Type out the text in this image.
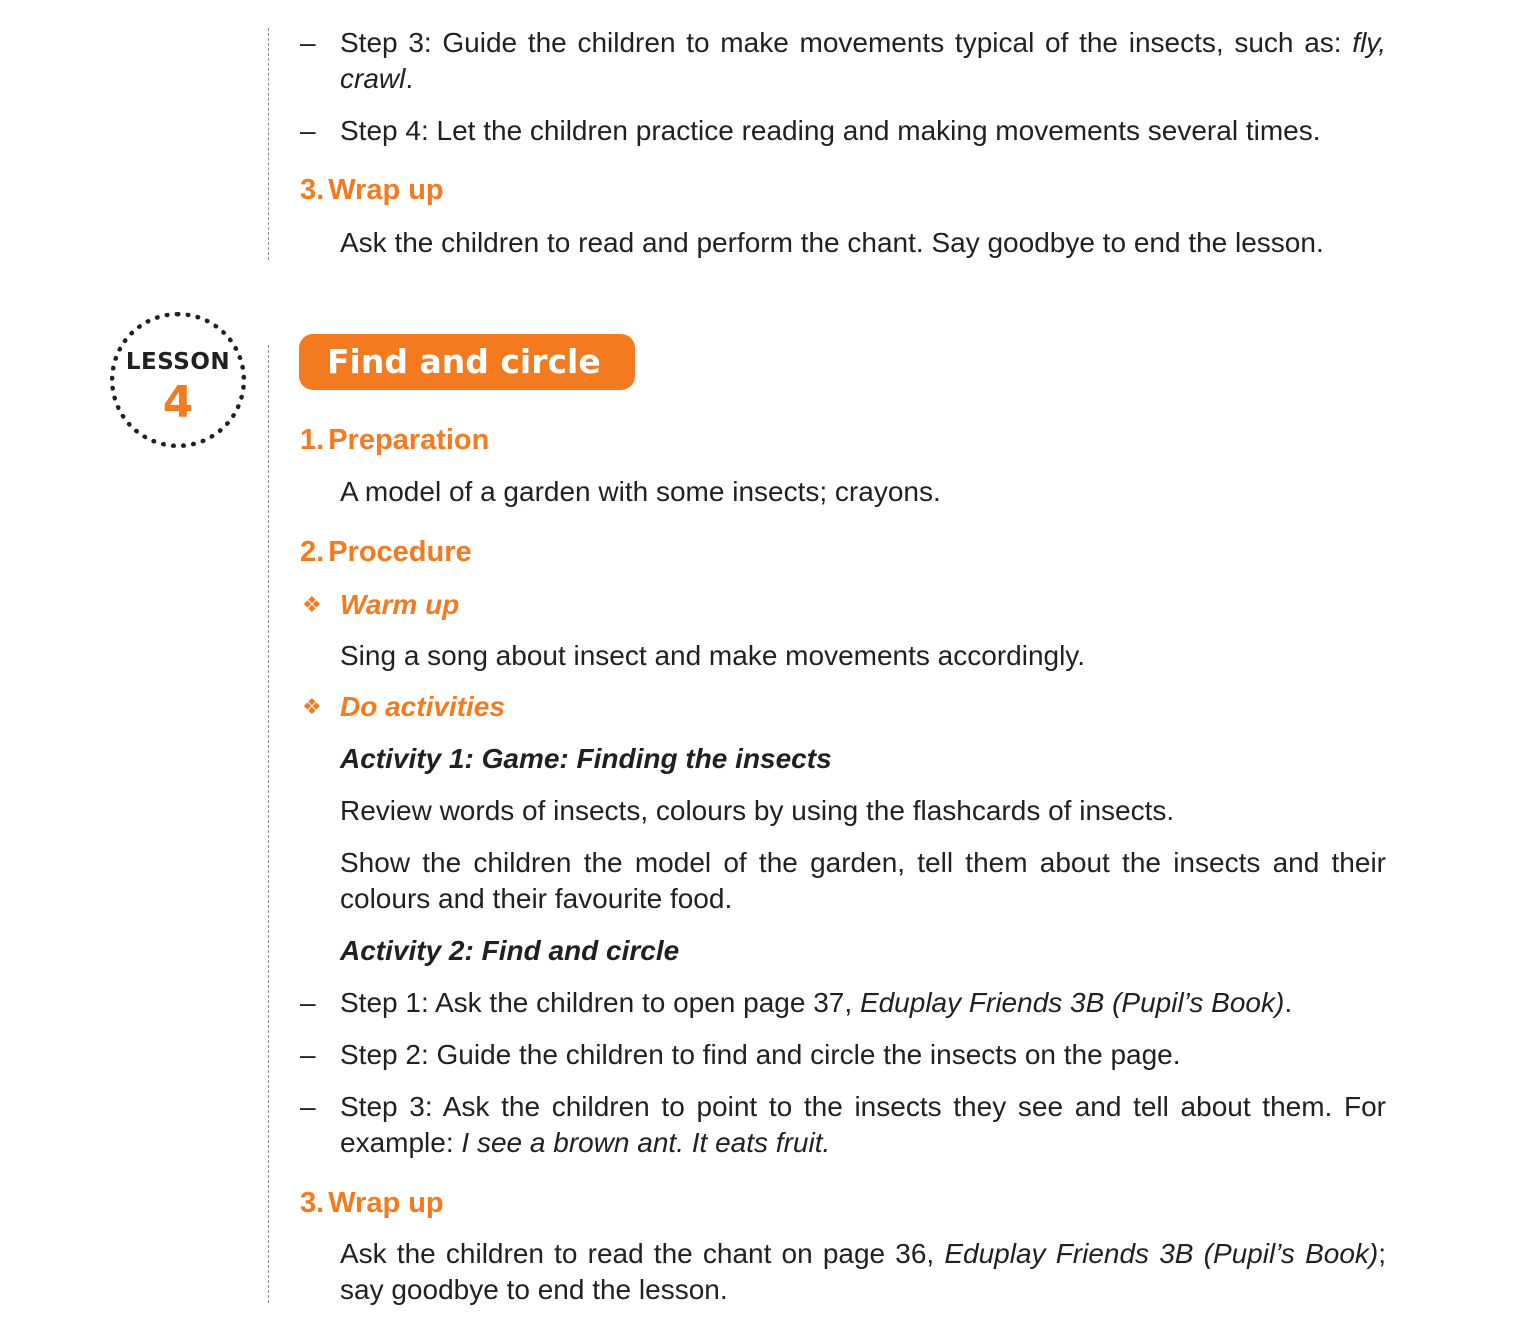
– Step 3: Guide the children to make movements typical of the insects, such as: fly, crawl.

– Step 4: Let the children practice reading and making movements several times.

3. Wrap up

Ask the children to read and perform the chant. Say goodbye to end the lesson.

LESSON
4
Find and circle
1. Preparation

A model of a garden with some insects; crayons.

2. Procedure
❖ Warm up

Sing a song about insect and make movements accordingly.

❖ Do activities
Activity 1: Game: Finding the insects

Review words of insects, colours by using the flashcards of insects.

Show the children the model of the garden, tell them about the insects and their colours and their favourite food.

Activity 2: Find and circle
– Step 1: Ask the children to open page 37, Eduplay Friends 3B (Pupil’s Book).

– Step 2: Guide the children to find and circle the insects on the page.

– Step 3: Ask the children to point to the insects they see and tell about them. For example: I see a brown ant. It eats fruit.

3. Wrap up

Ask the children to read the chant on page 36, Eduplay Friends 3B (Pupil’s Book); say goodbye to end the lesson.
